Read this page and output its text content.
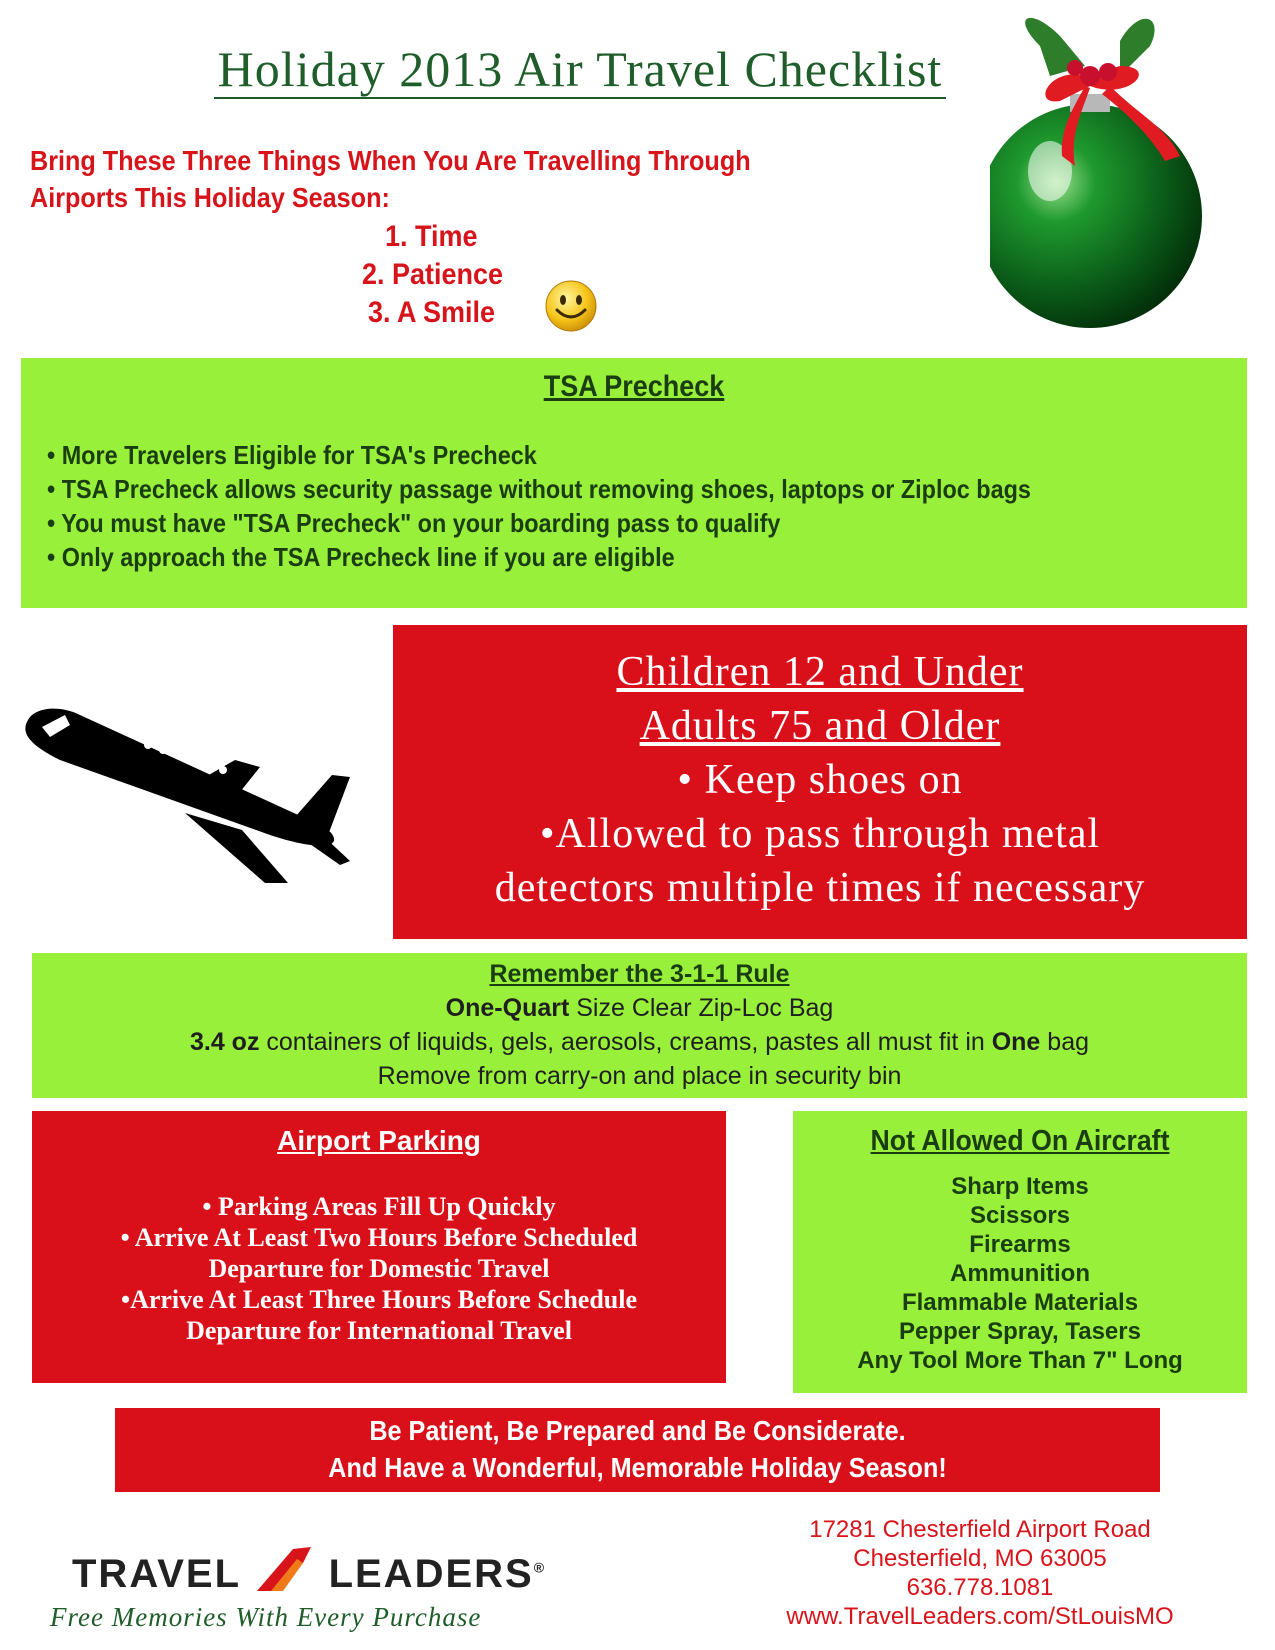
Holiday 2013 Air Travel Checklist
Bring These Three Things When You Are Travelling Through
Airports This Holiday Season:
1. Time
2. Patience
3. A Smile
TSA Precheck
• More Travelers Eligible for TSA's Precheck
• TSA Precheck allows security passage without removing shoes, laptops or Ziploc bags
• You must have "TSA Precheck" on your boarding pass to qualify
• Only approach the TSA Precheck line if you are eligible
Children 12 and Under
Adults 75 and Older
• Keep shoes on
•Allowed to pass through metal
detectors multiple times if necessary
Remember the 3-1-1 Rule
One-Quart Size Clear Zip-Loc Bag
3.4 oz containers of liquids, gels, aerosols, creams, pastes all must fit in One bag
Remove from carry-on and place in security bin
Airport Parking
• Parking Areas Fill Up Quickly
• Arrive At Least Two Hours Before Scheduled
Departure for Domestic Travel
•Arrive At Least Three Hours Before Schedule
Departure for International Travel
Not Allowed On Aircraft
Sharp Items
Scissors
Firearms
Ammunition
Flammable Materials
Pepper Spray, Tasers
Any Tool More Than 7" Long
Be Patient, Be Prepared and Be Considerate.
And Have a Wonderful, Memorable Holiday Season!
TRAVEL LEADERS®
Free Memories With Every Purchase
17281 Chesterfield Airport Road
Chesterfield, MO 63005
636.778.1081
www.TravelLeaders.com/StLouisMO
